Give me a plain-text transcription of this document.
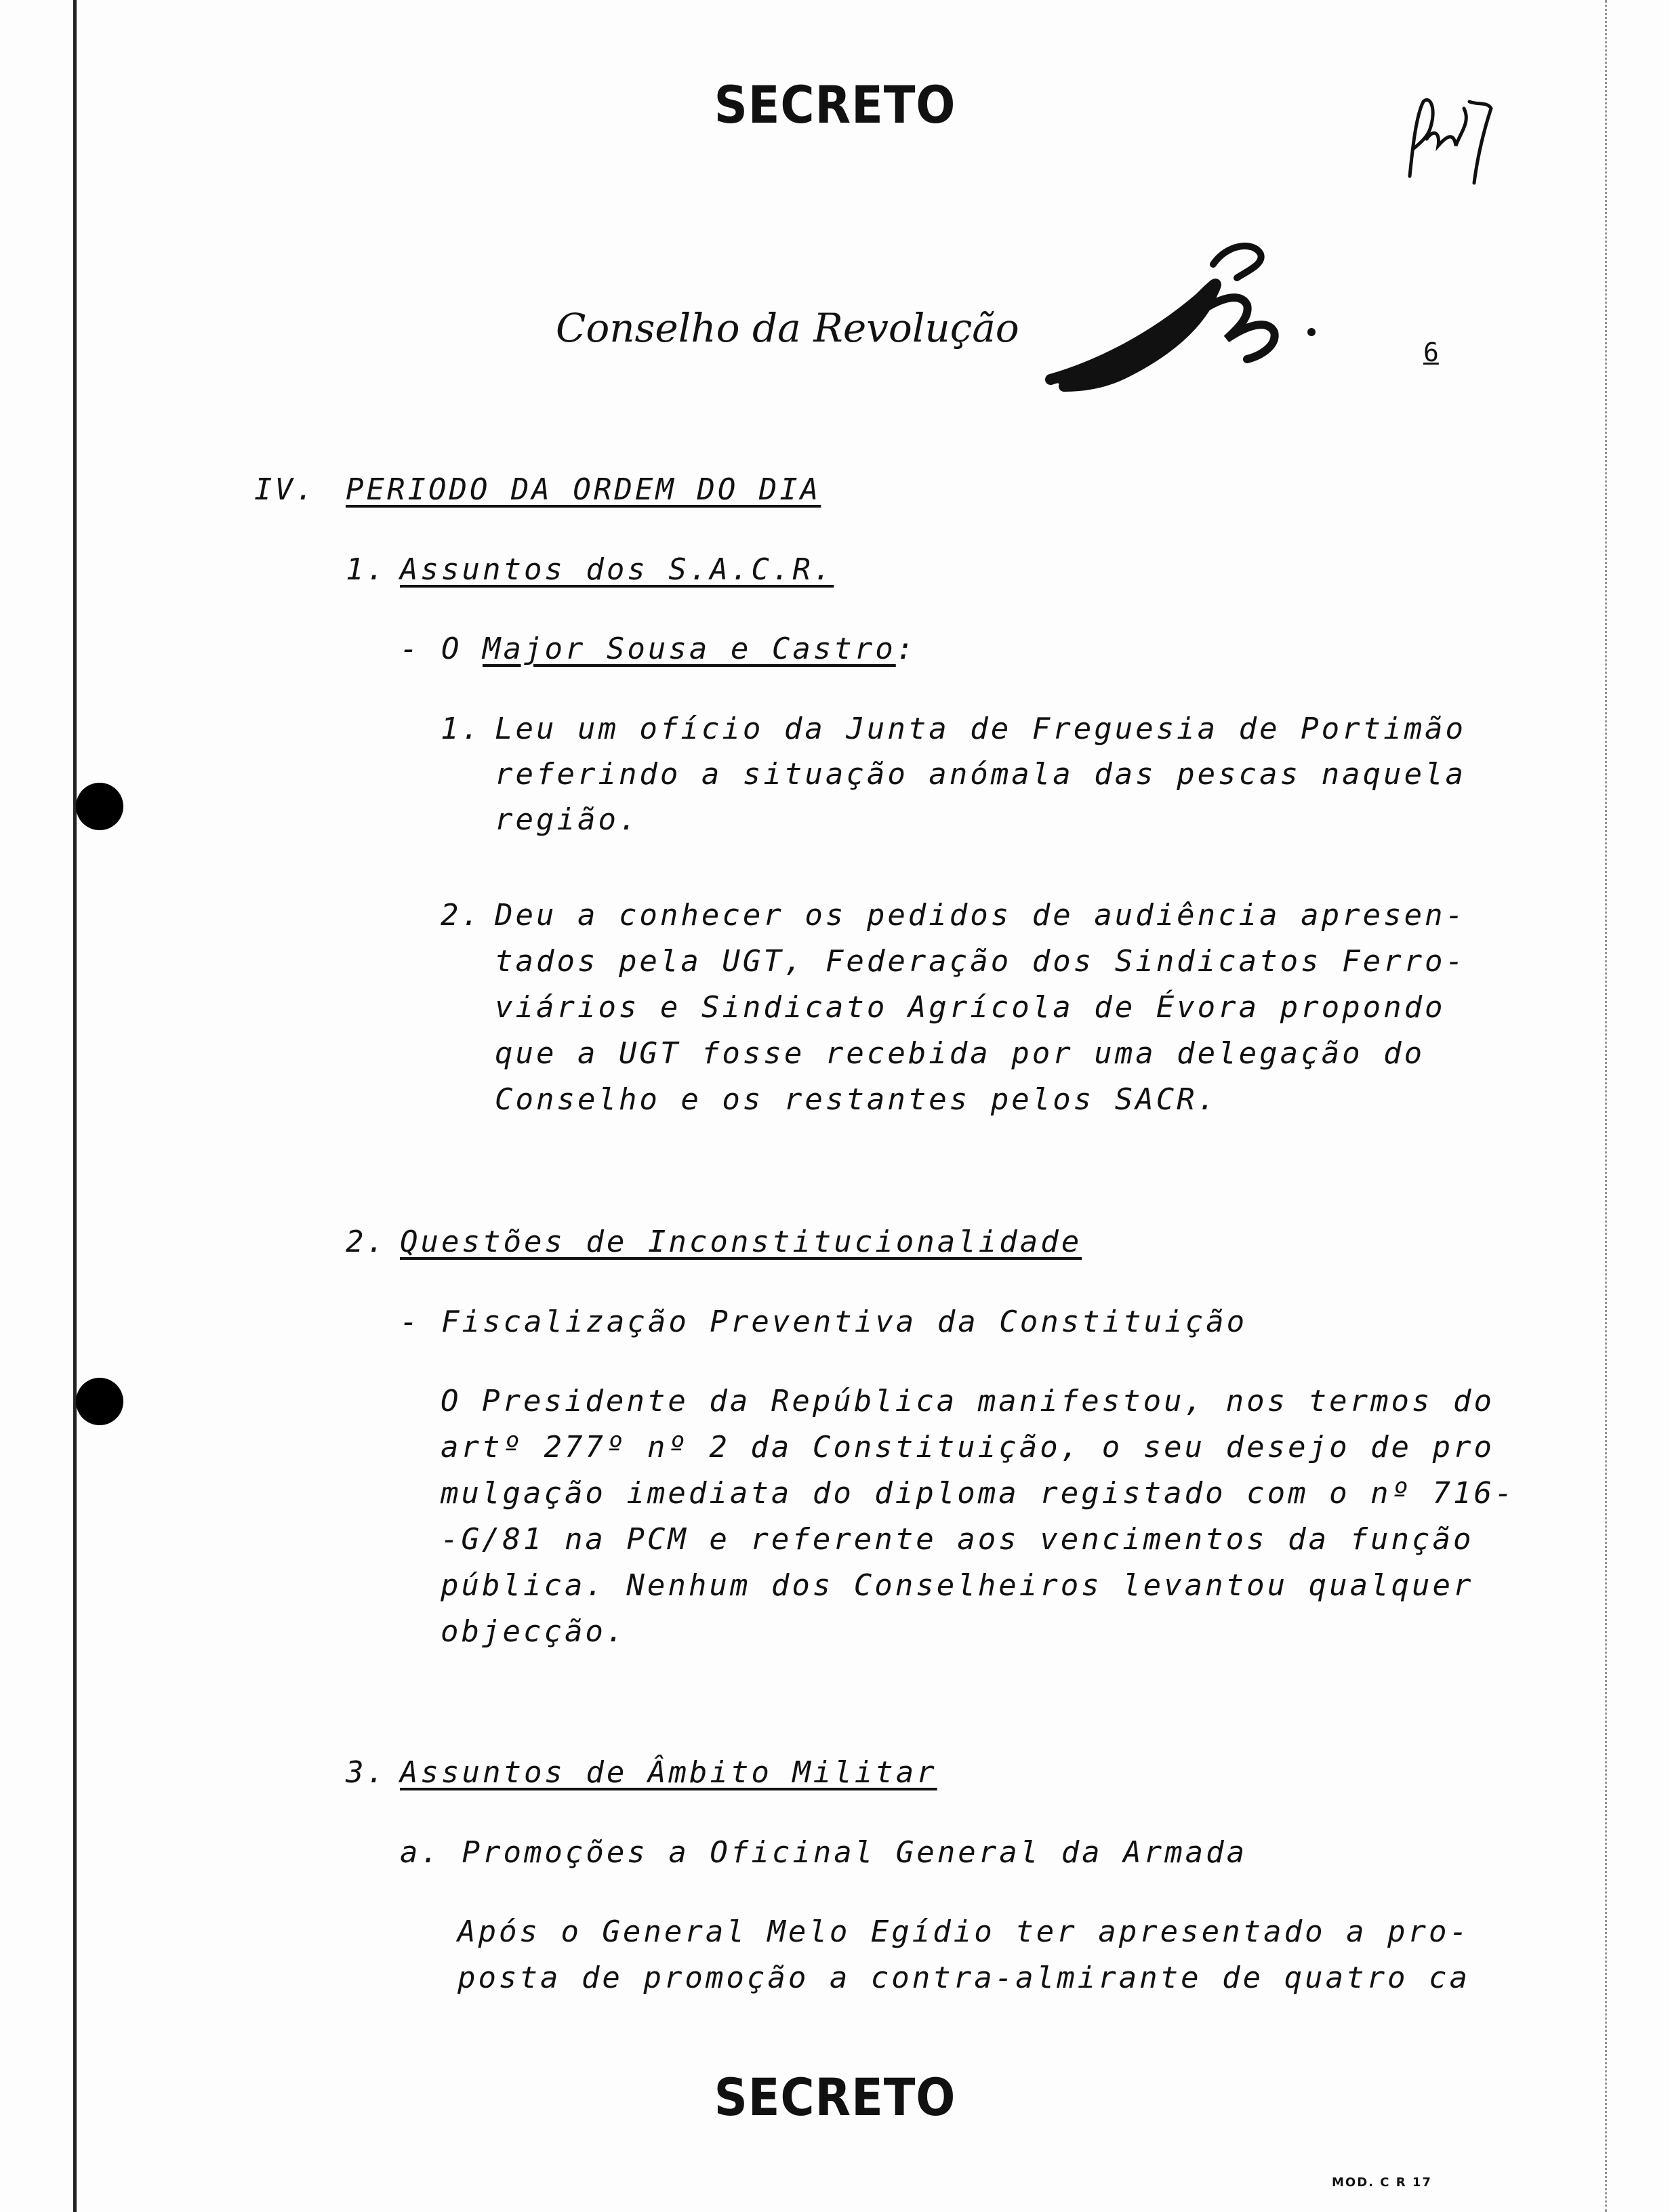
SECRETO
Conselho da Revolução
6
IV. PERIODO DA ORDEM DO DIA
1. Assuntos dos S.A.C.R.
- O Major Sousa e Castro:
1. Leu um ofício da Junta de Freguesia de Portimão
referindo a situação anómala das pescas naquela
região.
2. Deu a conhecer os pedidos de audiência apresen-
tados pela UGT, Federação dos Sindicatos Ferro-
viários e Sindicato Agrícola de Évora propondo
que a UGT fosse recebida por uma delegação do
Conselho e os restantes pelos SACR.
2. Questões de Inconstitucionalidade
- Fiscalização Preventiva da Constituição
O Presidente da República manifestou, nos termos do
artº 277º nº 2 da Constituição, o seu desejo de pro
mulgação imediata do diploma registado com o nº 716-
-G/81 na PCM e referente aos vencimentos da função
pública. Nenhum dos Conselheiros levantou qualquer
objecção.
3. Assuntos de Âmbito Militar
a. Promoções a Oficinal General da Armada
Após o General Melo Egídio ter apresentado a pro-
posta de promoção a contra-almirante de quatro ca
SECRETO
MOD. C R 17
